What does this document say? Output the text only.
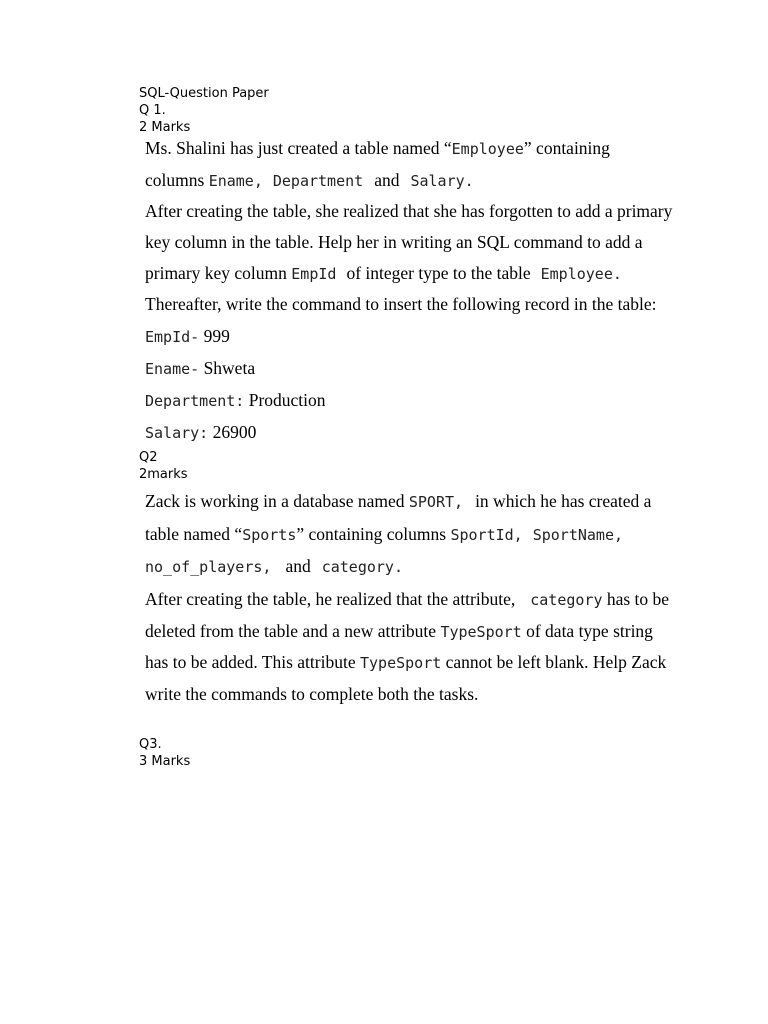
SQL-Question Paper

Q 1.

2 Marks

Ms. Shalini has just created a table named “Employee” containing
columns Ename, Department and Salary.
After creating the table, she realized that she has forgotten to add a primary
key column in the table. Help her in writing an SQL command to add a
primary key column EmpId of integer type to the table Employee.
Thereafter, write the command to insert the following record in the table:
EmpId- 999
Ename- Shweta
Department: Production
Salary: 26900

Q2

2marks

Zack is working in a database named SPORT, in which he has created a
table named “Sports” containing columns SportId, SportName,
no_of_players, and category.
After creating the table, he realized that the attribute, category has to be
deleted from the table and a new attribute TypeSport of data type string
has to be added. This attribute TypeSport cannot be left blank. Help Zack
write the commands to complete both the tasks.

Q3.

3 Marks
